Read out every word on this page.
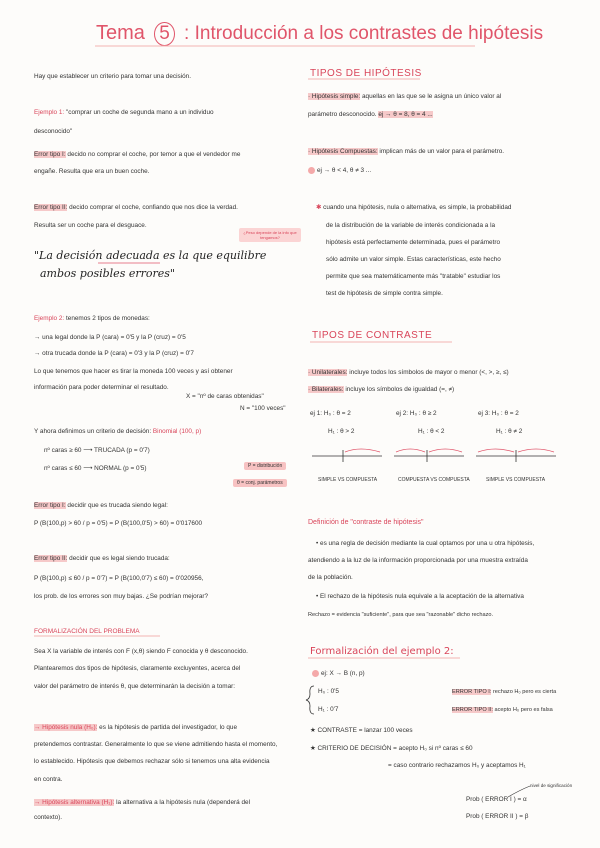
Tema 5 : Introducción a los contrastes de hipótesis
Hay que establecer un criterio para tomar una decisión.
Ejemplo 1: "comprar un coche de segunda mano a un individuo
desconocido"
Error tipo I: decido no comprar el coche, por temor a que el vendedor me
engañe. Resulta que era un buen coche.
Error tipo II: decido comprar el coche, confiando que nos dice la verdad.
Resulta ser un coche para el desguace.
¿Peso depende de la info que tengamos?
"La decisión adecuada es la que equilibre
ambos posibles errores"
Ejemplo 2: tenemos 2 tipos de monedas:
→ una legal donde la P (cara) = 0'5 y la P (cruz) = 0'5
→ otra trucada donde la P (cara) = 0'3 y la P (cruz) = 0'7
Lo que tenemos que hacer es tirar la moneda 100 veces y así obtener
información para poder determinar el resultado.
X = "nº de caras obtenidas"
N = "100 veces"
Y ahora definimos un criterio de decisión: Binomial (100, p)
nº caras ≥ 60 ⟶ TRUCADA (p = 0'7)
nº caras ≤ 60 ⟶ NORMAL (p = 0'5)	P = distribución
θ = conj. parámetros
Error tipo I: decidir que es trucada siendo legal:
P (B(100,p) > 60 / p = 0'5) = P (B(100,0'5) > 60) = 0'017600
Error tipo II: decidir que es legal siendo trucada:
P (B(100,p) ≤ 60 / p = 0'7) = P (B(100,0'7) ≤ 60) = 0'020956,
los prob. de los errores son muy bajas. ¿Se podrían mejorar?
FORMALIZACIÓN DEL PROBLEMA
Sea X la variable de interés con F (x,θ) siendo F conocida y θ desconocido.
Plantearemos dos tipos de hipótesis, claramente excluyentes, acerca del
valor del parámetro de interés θ, que determinarán la decisión a tomar:
→ Hipótesis nula (H₀): es la hipótesis de partida del investigador, lo que
pretendemos contrastar. Generalmente lo que se viene admitiendo hasta el momento,
lo establecido. Hipótesis que debemos rechazar sólo si tenemos una alta evidencia
en contra.
→ Hipótesis alternativa (H₁): la alternativa a la hipótesis nula (dependerá del
contexto).
TIPOS DE HIPÓTESIS
· Hipótesis simple: aquellas en las que se le asigna un único valor al
parámetro desconocido. ej → θ = 8, θ = 4 ...
· Hipótesis Compuestas: implican más de un valor para el parámetro.
ej → θ < 4, θ ≠ 3 ...
✱ cuando una hipótesis, nula o alternativa, es simple, la probabilidad
de la distribución de la variable de interés condicionada a la
hipótesis está perfectamente determinada, pues el parámetro
sólo admite un valor simple. Estas características, este hecho
permite que sea matemáticamente más "tratable" estudiar los
test de hipótesis de simple contra simple.
TIPOS DE CONTRASTE
· Unilaterales: incluye todos los símbolos de mayor o menor (<, >, ≥, ≤)
· Bilaterales: incluye los símbolos de igualdad (=, ≠)
ej 1: H₀ : θ = 2
H₁ : θ > 2
ej 2: H₀ : θ ≥ 2
H₁ : θ < 2
ej 3: H₀ : θ = 2
H₁ : θ ≠ 2
SIMPLE VS COMPUESTA	COMPUESTA VS COMPUESTA	SIMPLE VS COMPUESTA
Definición de "contraste de hipótesis"
• es una regla de decisión mediante la cual optamos por una u otra hipótesis,
atendiendo a la luz de la información proporcionada por una muestra extraída
de la población.
• El rechazo de la hipótesis nula equivale a la aceptación de la alternativa
Rechazo = evidencia "suficiente", para que sea "razonable" dicho rechazo.
Formalización del ejemplo 2:
ej: X → B (n, p)
H₀ : 0'5
H₁ : 0'7
ERROR TIPO I: rechazo H₀ pero es cierta
ERROR TIPO II: acepto H₀ pero es falsa
★ CONTRASTE = lanzar 100 veces
★ CRITERIO DE DECISIÓN = acepto H₀ si nº caras ≤ 60
= caso contrario rechazamos H₀ y aceptamos H₁
nivel de significación
Prob ( ERROR I ) = α
Prob ( ERROR II ) = β
